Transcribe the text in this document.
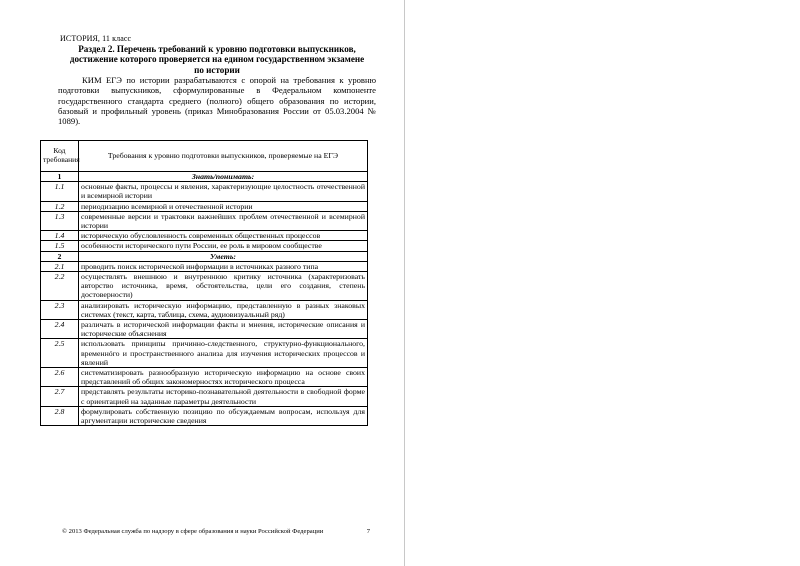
ИСТОРИЯ, 11 класс
Раздел 2. Перечень требований к уровню подготовки выпускников,
достижение которого проверяется на едином государственном экзамене
по истории
КИМ ЕГЭ по истории разрабатываются с опорой на требования к уровню подготовки выпускников, сформулированные в Федеральном компоненте государственного стандарта среднего (полного) общего образования по истории, базовый и профильный уровень (приказ Минобразования России от 05.03.2004 № 1089).
Код требования	Требования к уровню подготовки выпускников, проверяемые на ЕГЭ
1	Знать/понимать:
1.1	основные факты, процессы и явления, характеризующие целостность отечественной и всемирной истории
1.2	периодизацию всемирной и отечественной истории
1.3	современные версии и трактовки важнейших проблем отечественной и всемирной истории
1.4	историческую обусловленность современных общественных процессов
1.5	особенности исторического пути России, ее роль в мировом сообществе
2	Уметь:
2.1	проводить поиск исторической информации в источниках разного типа
2.2	осуществлять внешнюю и внутреннюю критику источника (характеризовать авторство источника, время, обстоятельства, цели его создания, степень достоверности)
2.3	анализировать историческую информацию, представленную в разных знаковых системах (текст, карта, таблица, схема, аудиовизуальный ряд)
2.4	различать в исторической информации факты и мнения, исторические описания и исторические объяснения
2.5	использовать принципы причинно-следственного, структурно-функционального, временнóго и пространственного анализа для изучения исторических процессов и явлений
2.6	систематизировать разнообразную историческую информацию на основе своих представлений об общих закономерностях исторического процесса
2.7	представлять результаты историко-познавательной деятельности в свободной форме с ориентацией на заданные параметры деятельности
2.8	формулировать собственную позицию по обсуждаемым вопросам, используя для аргументации исторические сведения
© 2013 Федеральная служба по надзору в сфере образования и науки Российской Федерации	7
